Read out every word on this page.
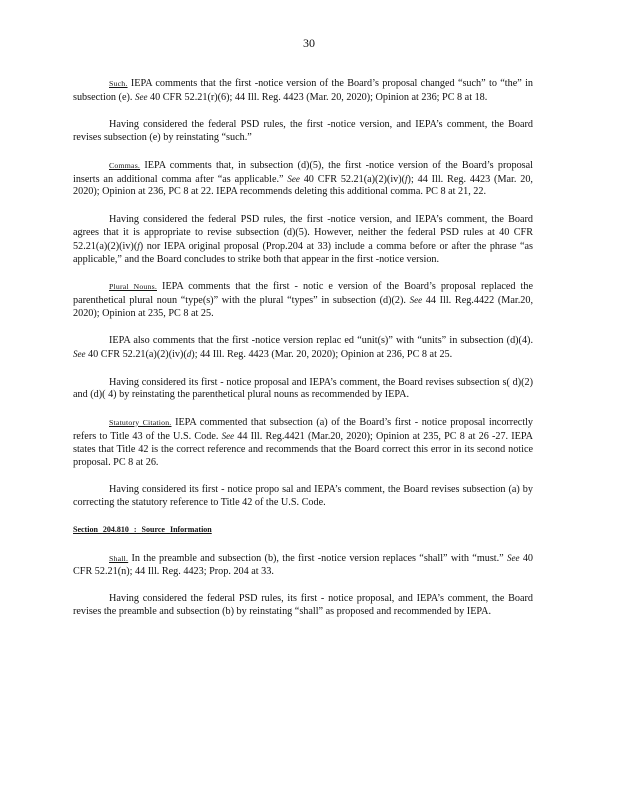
30

Such. IEPA comments that the first -notice version of the Board’s proposal changed “such” to “the” in subsection (e). See 40 CFR 52.21(r)(6); 44 Ill. Reg. 4423 (Mar. 20, 2020); Opinion at 236; PC 8 at 18.

Having considered the federal PSD rules, the first -notice version, and IEPA’s comment, the Board revises subsection (e) by reinstating “such.”

Commas. IEPA comments that, in subsection (d)(5), the first -notice version of the Board’s proposal inserts an additional comma after “as applicable.” See 40 CFR 52.21(a)(2)(iv)(f); 44 Ill. Reg. 4423 (Mar. 20, 2020); Opinion at 236, PC 8 at 22. IEPA recommends deleting this additional comma. PC 8 at 21, 22.

Having considered the federal PSD rules, the first -notice version, and IEPA’s comment, the Board agrees that it is appropriate to revise subsection (d)(5). However, neither the federal PSD rules at 40 CFR 52.21(a)(2)(iv)(f) nor IEPA original proposal (Prop.204 at 33) include a comma before or after the phrase “as applicable,” and the Board concludes to strike both that appear in the first -notice version.

Plural Nouns. IEPA comments that the first - notic e version of the Board’s proposal replaced the parenthetical plural noun “type(s)” with the plural “types” in subsection (d)(2). See 44 Ill. Reg.4422 (Mar.20, 2020); Opinion at 235, PC 8 at 25.

IEPA also comments that the first -notice version replac ed “unit(s)” with “units” in subsection (d)(4). See 40 CFR 52.21(a)(2)(iv)(d); 44 Ill. Reg. 4423 (Mar. 20, 2020); Opinion at 236, PC 8 at 25.

Having considered its first - notice proposal and IEPA’s comment, the Board revises subsection s( d)(2) and (d)( 4) by reinstating the parenthetical plural nouns as recommended by IEPA.

Statutory Citation. IEPA commented that subsection (a) of the Board’s first - notice proposal incorrectly refers to Title 43 of the U.S. Code. See 44 Ill. Reg.4421 (Mar.20, 2020); Opinion at 235, PC 8 at 26 -27. IEPA states that Title 42 is the correct reference and recommends that the Board correct this error in its second notice proposal. PC 8 at 26.

Having considered its first - notice propo sal and IEPA’s comment, the Board revises subsection (a) by correcting the statutory reference to Title 42 of the U.S. Code.

Section 204.810 : Source Information

Shall. In the preamble and subsection (b), the first -notice version replaces “shall” with “must.” See 40 CFR 52.21(n); 44 Ill. Reg. 4423; Prop. 204 at 33.

Having considered the federal PSD rules, its first - notice proposal, and IEPA’s comment, the Board revises the preamble and subsection (b) by reinstating “shall” as proposed and recommended by IEPA.
